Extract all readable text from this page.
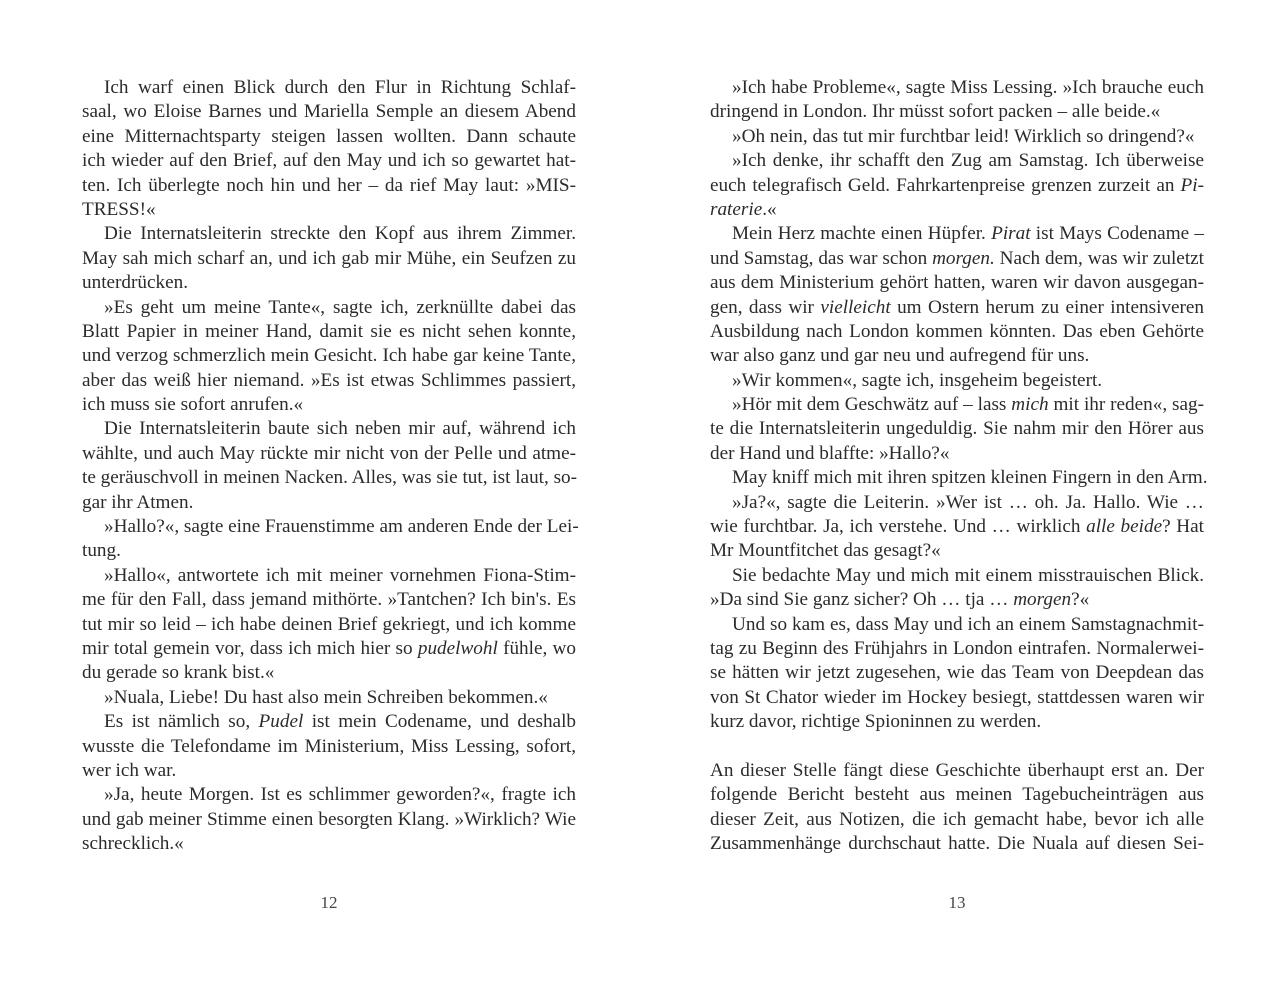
Ich warf einen Blick durch den Flur in Richtung Schlaf-
saal, wo Eloise Barnes und Mariella Semple an diesem Abend
eine Mitternachtsparty steigen lassen wollten. Dann schaute
ich wieder auf den Brief, auf den May und ich so gewartet hat-
ten. Ich überlegte noch hin und her – da rief May laut: »MIS-
TRESS!«
Die Internatsleiterin streckte den Kopf aus ihrem Zimmer.
May sah mich scharf an, und ich gab mir Mühe, ein Seufzen zu
unterdrücken.
»Es geht um meine Tante«, sagte ich, zerknüllte dabei das
Blatt Papier in meiner Hand, damit sie es nicht sehen konnte,
und verzog schmerzlich mein Gesicht. Ich habe gar keine Tante,
aber das weiß hier niemand. »Es ist etwas Schlimmes passiert,
ich muss sie sofort anrufen.«
Die Internatsleiterin baute sich neben mir auf, während ich
wählte, und auch May rückte mir nicht von der Pelle und atme-
te geräuschvoll in meinen Nacken. Alles, was sie tut, ist laut, so-
gar ihr Atmen.
»Hallo?«, sagte eine Frauenstimme am anderen Ende der Lei-
tung.
»Hallo«, antwortete ich mit meiner vornehmen Fiona-Stim-
me für den Fall, dass jemand mithörte. »Tantchen? Ich bin's. Es
tut mir so leid – ich habe deinen Brief gekriegt, und ich komme
mir total gemein vor, dass ich mich hier so pudelwohl fühle, wo
du gerade so krank bist.«
»Nuala, Liebe! Du hast also mein Schreiben bekommen.«
Es ist nämlich so, Pudel ist mein Codename, und deshalb
wusste die Telefondame im Ministerium, Miss Lessing, sofort,
wer ich war.
»Ja, heute Morgen. Ist es schlimmer geworden?«, fragte ich
und gab meiner Stimme einen besorgten Klang. »Wirklich? Wie
schrecklich.«
12
»Ich habe Probleme«, sagte Miss Lessing. »Ich brauche euch
dringend in London. Ihr müsst sofort packen – alle beide.«
»Oh nein, das tut mir furchtbar leid! Wirklich so dringend?«
»Ich denke, ihr schafft den Zug am Samstag. Ich überweise
euch telegrafisch Geld. Fahrkartenpreise grenzen zurzeit an Pi-
raterie.«
Mein Herz machte einen Hüpfer. Pirat ist Mays Codename –
und Samstag, das war schon morgen. Nach dem, was wir zuletzt
aus dem Ministerium gehört hatten, waren wir davon ausgegan-
gen, dass wir vielleicht um Ostern herum zu einer intensiveren
Ausbildung nach London kommen könnten. Das eben Gehörte
war also ganz und gar neu und aufregend für uns.
»Wir kommen«, sagte ich, insgeheim begeistert.
»Hör mit dem Geschwätz auf – lass mich mit ihr reden«, sag-
te die Internatsleiterin ungeduldig. Sie nahm mir den Hörer aus
der Hand und blaffte: »Hallo?«
May kniff mich mit ihren spitzen kleinen Fingern in den Arm.
»Ja?«, sagte die Leiterin. »Wer ist … oh. Ja. Hallo. Wie …
wie furchtbar. Ja, ich verstehe. Und … wirklich alle beide? Hat
Mr Mountfitchet das gesagt?«
Sie bedachte May und mich mit einem misstrauischen Blick.
»Da sind Sie ganz sicher? Oh … tja … morgen?«
Und so kam es, dass May und ich an einem Samstagnachmit-
tag zu Beginn des Frühjahrs in London eintrafen. Normalerwei-
se hätten wir jetzt zugesehen, wie das Team von Deepdean das
von St Chator wieder im Hockey besiegt, stattdessen waren wir
kurz davor, richtige Spioninnen zu werden.
An dieser Stelle fängt diese Geschichte überhaupt erst an. Der
folgende Bericht besteht aus meinen Tagebucheinträgen aus
dieser Zeit, aus Notizen, die ich gemacht habe, bevor ich alle
Zusammenhänge durchschaut hatte. Die Nuala auf diesen Sei-
13
